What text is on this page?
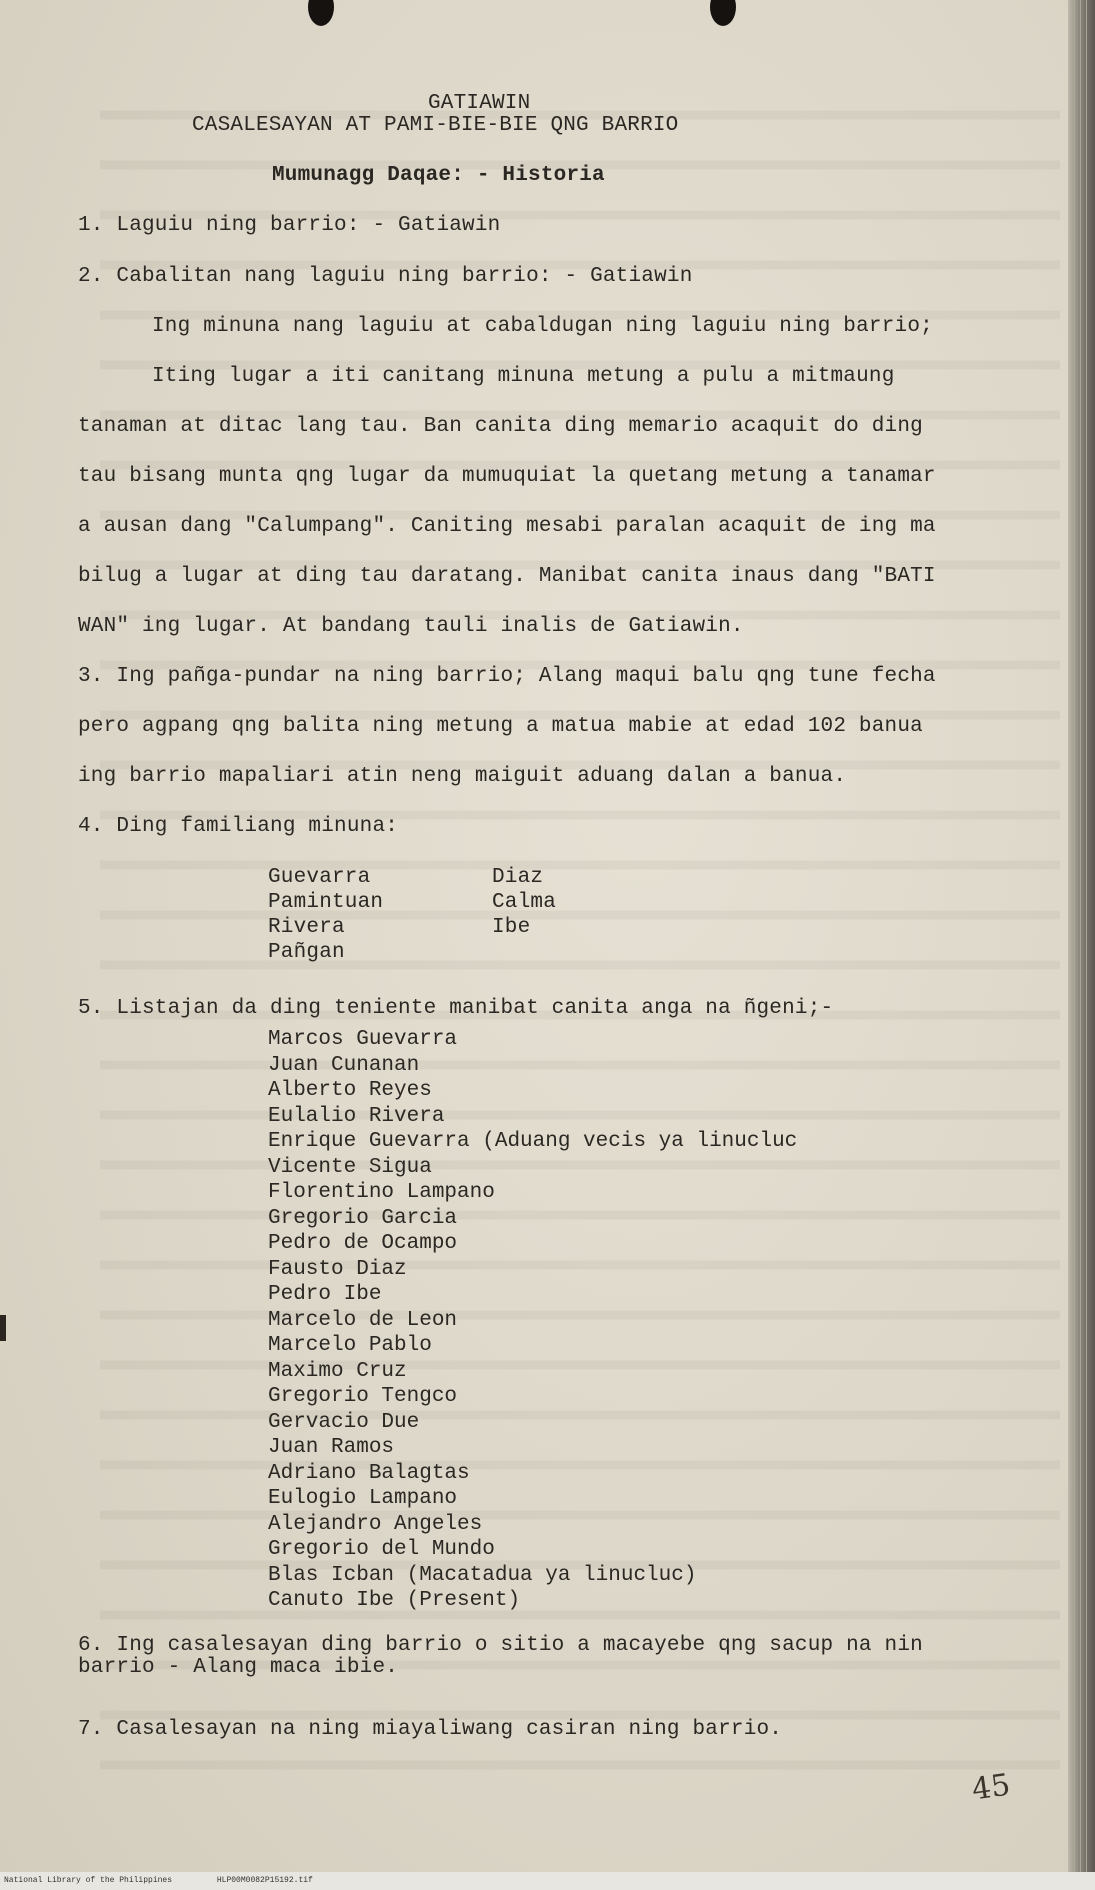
GATIAWIN
CASALESAYAN AT PAMI-BIE-BIE QNG BARRIO
Mumunagg Daqae: - Historia
1. Laguiu ning barrio: - Gatiawin
2. Cabalitan nang laguiu ning barrio: - Gatiawin
Ing minuna nang laguiu at cabaldugan ning laguiu ning barrio;
Iting lugar a iti canitang minuna metung a pulu a mitmaung
tanaman at ditac lang tau. Ban canita ding memario acaquit do ding
tau bisang munta qng lugar da mumuquiat la quetang metung a tanamar
a ausan dang "Calumpang". Caniting mesabi paralan acaquit de ing ma
bilug a lugar at ding tau daratang. Manibat canita inaus dang "BATI
WAN" ing lugar. At bandang tauli inalis de Gatiawin.
3. Ing pañga-pundar na ning barrio; Alang maqui balu qng tune fecha
pero agpang qng balita ning metung a matua mabie at edad 102 banua
ing barrio mapaliari atin neng maiguit aduang dalan a banua.
4. Ding familiang minuna:
Guevarra
Pamintuan
Rivera
Pañgan
Diaz
Calma
Ibe
5. Listajan da ding teniente manibat canita anga na ñgeni;-
Marcos Guevarra
Juan Cunanan
Alberto Reyes
Eulalio Rivera
Enrique Guevarra (Aduang vecis ya linucluc
Vicente Sigua
Florentino Lampano
Gregorio Garcia
Pedro de Ocampo
Fausto Diaz
Pedro Ibe
Marcelo de Leon
Marcelo Pablo
Maximo Cruz
Gregorio Tengco
Gervacio Due
Juan Ramos
Adriano Balagtas
Eulogio Lampano
Alejandro Angeles
Gregorio del Mundo
Blas Icban (Macatadua ya linucluc)
Canuto Ibe (Present)
6. Ing casalesayan ding barrio o sitio a macayebe qng sacup na nin
barrio - Alang maca ibie.
7. Casalesayan na ning miayaliwang casiran ning barrio.
45
National Library of the Philippines	HLP00M0082P15192.tif
